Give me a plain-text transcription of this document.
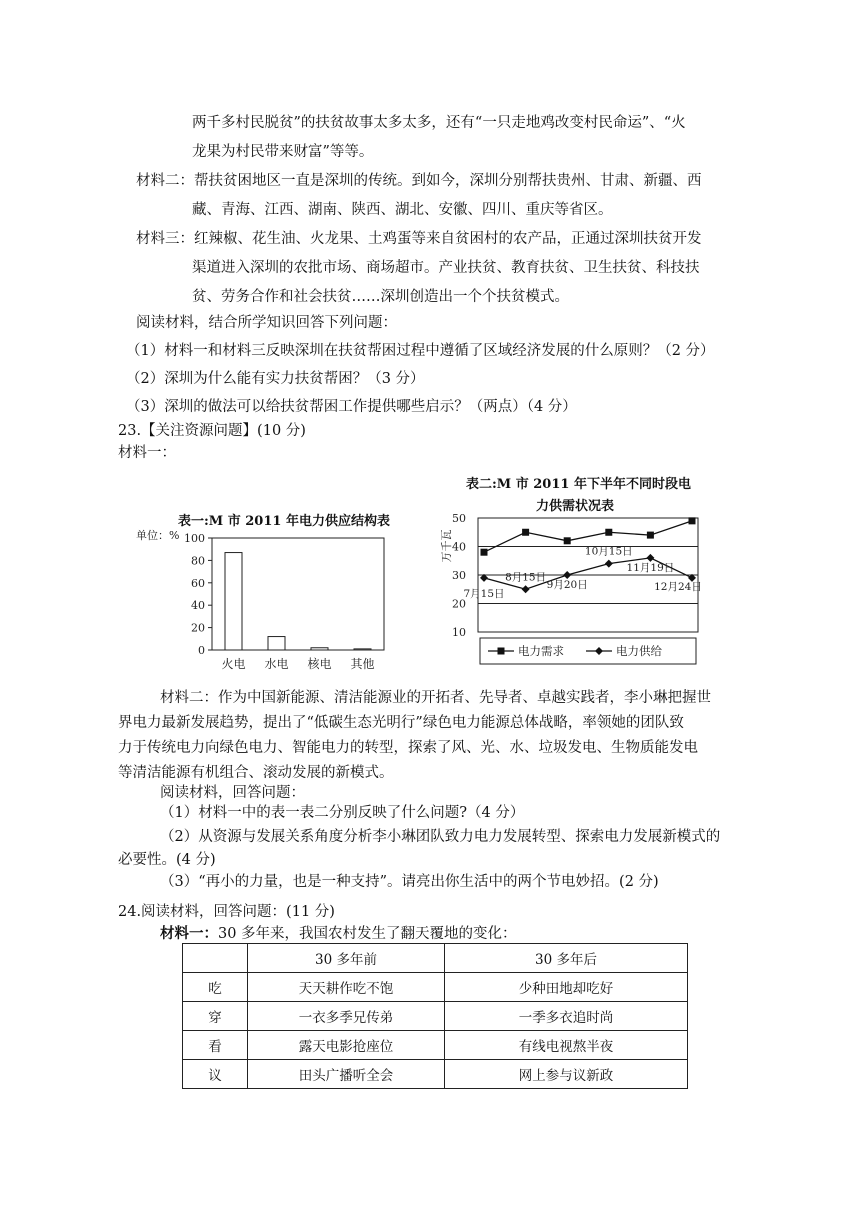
两千多村民脱贫”的扶贫故事太多太多，还有“一只走地鸡改变村民命运”、“火
龙果为村民带来财富”等等。
材料二：帮扶贫困地区一直是深圳的传统。到如今，深圳分别帮扶贵州、甘肃、新疆、西
藏、青海、江西、湖南、陕西、湖北、安徽、四川、重庆等省区。
材料三：红辣椒、花生油、火龙果、土鸡蛋等来自贫困村的农产品，正通过深圳扶贫开发
渠道进入深圳的农批市场、商场超市。产业扶贫、教育扶贫、卫生扶贫、科技扶
贫、劳务合作和社会扶贫……深圳创造出一个个扶贫模式。
阅读材料，结合所学知识回答下列问题：
（1）材料一和材料三反映深圳在扶贫帮困过程中遵循了区域经济发展的什么原则？（2 分）
（2）深圳为什么能有实力扶贫帮困？（3 分）
（3）深圳的做法可以给扶贫帮困工作提供哪些启示？（两点）（4 分）
23.【关注资源问题】(10 分)
材料一：
表一:M 市 2011 年电力供应结构表
单位：%
0
20
40
60
80
100
火电 水电 核电 其他
表二:M 市 2011 年下半年不同时段电
力供需状况表
10
20
30
40
50
万千瓦
7月15日
8月15日
9月20日
10月15日
11月19日
12月24日
电力需求	电力供给
材料二：作为中国新能源、清洁能源业的开拓者、先导者、卓越实践者，李小琳把握世
界电力最新发展趋势，提出了“低碳生态光明行”绿色电力能源总体战略，率领她的团队致
力于传统电力向绿色电力、智能电力的转型，探索了风、光、水、垃圾发电、生物质能发电
等清洁能源有机组合、滚动发展的新模式。
阅读材料，回答问题：
（1）材料一中的表一表二分别反映了什么问题?（4 分）
（2）从资源与发展关系角度分析李小琳团队致力电力发展转型、探索电力发展新模式的
必要性。(4 分)
（3）“再小的力量，也是一种支持”。请亮出你生活中的两个节电妙招。(2 分)
24.阅读材料，回答问题：(11 分)
材料一：30 多年来，我国农村发生了翻天覆地的变化：
	30 多年前	30 多年后
吃	天天耕作吃不饱	少种田地却吃好
穿	一衣多季兄传弟	一季多衣追时尚
看	露天电影抢座位	有线电视熬半夜
议	田头广播听全会	网上参与议新政
